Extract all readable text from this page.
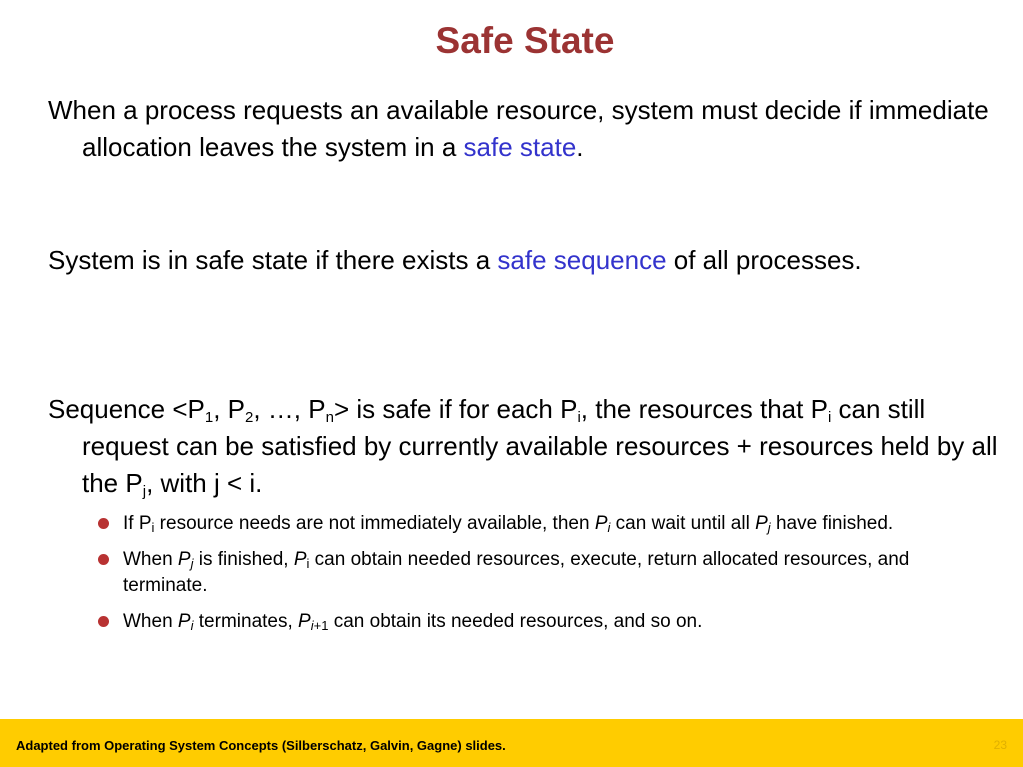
Safe State
When a process requests an available resource, system must decide if immediate allocation leaves the system in a safe state.
System is in safe state if there exists a safe sequence of all processes.
Sequence $<P_1$, $P_2$, …, $P_n>$ is safe if for each $P_i$, the resources that $P_i$ can still request can be satisfied by currently available resources + resources held by all the $P_j$, with j < i.
If $P_i$ resource needs are not immediately available, then $P_i$ can wait until all $P_j$ have finished.
When $P_j$ is finished, $P_i$ can obtain needed resources, execute, return allocated resources, and terminate.
When $P_i$ terminates, $P_{i+1}$ can obtain its needed resources, and so on.
Adapted from Operating System Concepts (Silberschatz, Galvin, Gagne) slides.	23
